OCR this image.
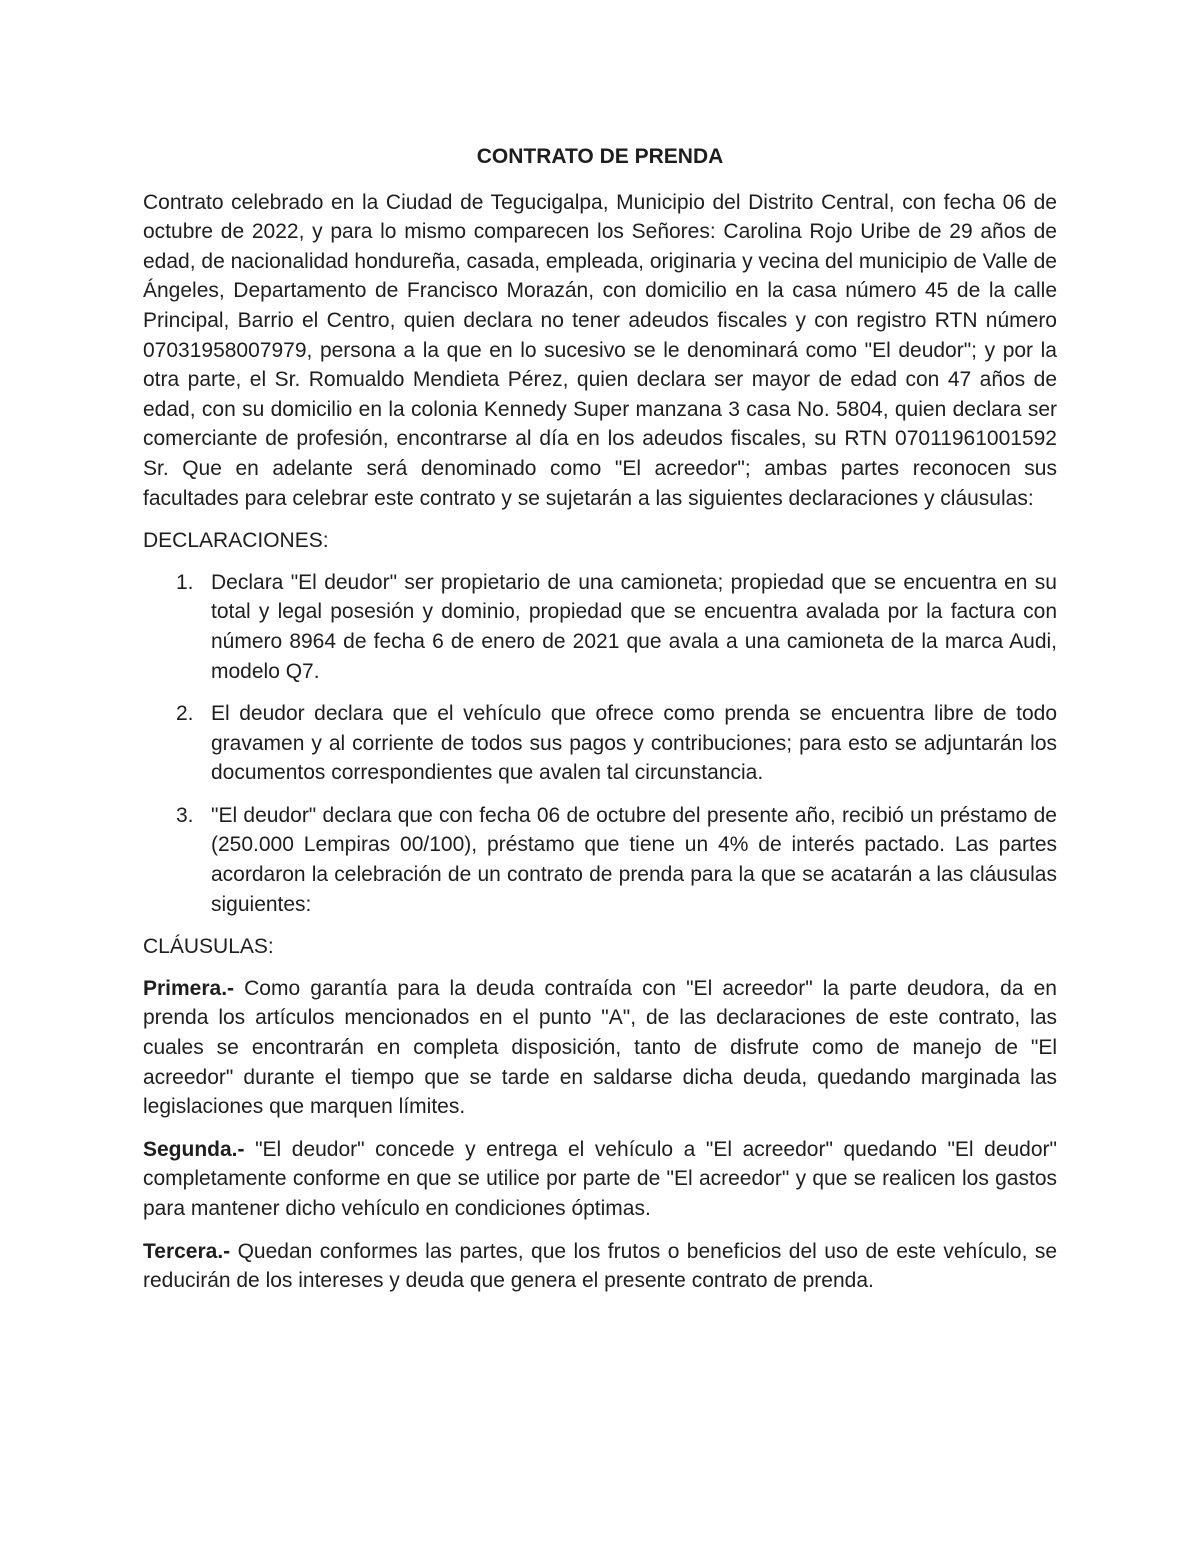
CONTRATO DE PRENDA

Contrato celebrado en la Ciudad de Tegucigalpa, Municipio del Distrito Central, con fecha 06 de octubre de 2022, y para lo mismo comparecen los Señores: Carolina Rojo Uribe de 29 años de edad, de nacionalidad hondureña, casada, empleada, originaria y vecina del municipio de Valle de Ángeles, Departamento de Francisco Morazán, con domicilio en la casa número 45 de la calle Principal, Barrio el Centro, quien declara no tener adeudos fiscales y con registro RTN número 07031958007979, persona a la que en lo sucesivo se le denominará como "El deudor"; y por la otra parte, el Sr. Romualdo Mendieta Pérez, quien declara ser mayor de edad con 47 años de edad, con su domicilio en la colonia Kennedy Super manzana 3 casa No. 5804, quien declara ser comerciante de profesión, encontrarse al día en los adeudos fiscales, su RTN 07011961001592 Sr. Que en adelante será denominado como "El acreedor"; ambas partes reconocen sus facultades para celebrar este contrato y se sujetarán a las siguientes declaraciones y cláusulas:

DECLARACIONES:

1. Declara "El deudor" ser propietario de una camioneta; propiedad que se encuentra en su total y legal posesión y dominio, propiedad que se encuentra avalada por la factura con número 8964 de fecha 6 de enero de 2021 que avala a una camioneta de la marca Audi, modelo Q7.
2. El deudor declara que el vehículo que ofrece como prenda se encuentra libre de todo gravamen y al corriente de todos sus pagos y contribuciones; para esto se adjuntarán los documentos correspondientes que avalen tal circunstancia.
3. "El deudor" declara que con fecha 06 de octubre del presente año, recibió un préstamo de (250.000 Lempiras 00/100), préstamo que tiene un 4% de interés pactado. Las partes acordaron la celebración de un contrato de prenda para la que se acatarán a las cláusulas siguientes:

CLÁUSULAS:

Primera.- Como garantía para la deuda contraída con "El acreedor" la parte deudora, da en prenda los artículos mencionados en el punto "A", de las declaraciones de este contrato, las cuales se encontrarán en completa disposición, tanto de disfrute como de manejo de "El acreedor" durante el tiempo que se tarde en saldarse dicha deuda, quedando marginada las legislaciones que marquen límites.

Segunda.- "El deudor" concede y entrega el vehículo a "El acreedor" quedando "El deudor" completamente conforme en que se utilice por parte de "El acreedor" y que se realicen los gastos para mantener dicho vehículo en condiciones óptimas.

Tercera.- Quedan conformes las partes, que los frutos o beneficios del uso de este vehículo, se reducirán de los intereses y deuda que genera el presente contrato de prenda.
